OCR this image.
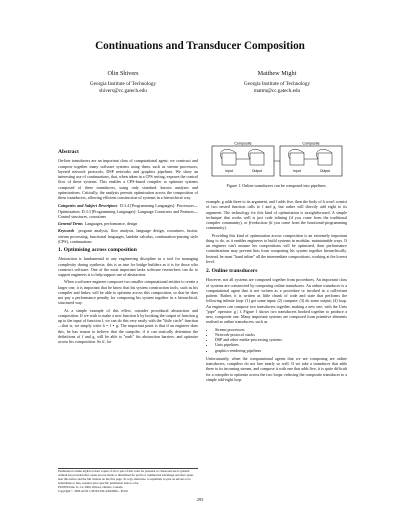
Continuations and Transducer Composition
Olin Shivers
Georgia Institute of Technology
shivers@cc.gatech.edu
Matthew Might
Georgia Institute of Technology
mattm@cc.gatech.edu
Abstract

On-line transducers are an important class of computational agent; we construct and compose together many software systems using them, such as stream processors, layered network protocols, DSP networks and graphics pipelines. We show an interesting use of continuations, that, when taken in a CPS setting, exposes the control flow of these systems. This enables a CPS-based compiler to optimise systems composed of these transducers, using only standard, known analyses and optimisations. Critically, the analysis permits optimisation across the composition of these transducers, allowing efficient construction of systems in a hierarchical way.

Categories and Subject Descriptors D.3.4 [Programming Languages]: Processors—Optimization; D.3.3 [Programming Languages]: Language Constructs and Features—Control structures, coroutines

General Terms Languages, performance, design

Keywords program analysis, flow analysis, language design, coroutines, fusion, stream processing, functional languages, lambda calculus, continuation-passing style (CPS), continuations

1. Optimising across composition

Abstraction is fundamental to any engineering discipline as a tool for managing complexity during synthesis; this is as true for bridge builders as it is for those who construct software. One of the most important tasks software researchers can do to support engineers is to help support use of abstraction.

When a software engineer composes two smaller computational entities to create a larger one, it is important that he know that his system construction tools, such as his compiler and linker, will be able to optimise across this composition, so that he does not pay a performance penalty for composing his system together in a hierarchical, structured way.

As a simple example of this effect, consider procedural abstraction and composition. If we wish to make a new function h by hooking the output of function g up to the input of function f, we can do this very easily with the "little circle" function—that is, we simply write h = f ∘ g. The important point is that if an engineer does this, he has reason to believe that the compiler, if it can statically determine the definitions of f and g, will be able to "melt" his abstraction barriers, and optimise across his composition. So if, for

Composite	Composite
Input	Output	Input	Output
Figure 1. Online transducers can be composed into pipelines.

example, g adds three to its argument, and f adds five, then the body of h won't consist of two nested function calls to f and g, but rather will directly add eight to its argument. The technology for this kind of optimisation is straightforward. A simple technique that works well is just code inlining (if you come from the traditional compiler community), or β-reduction (if you come from the functional-programming community).

Providing this kind of optimisation across composition is an extremely important thing to do, as it enables engineers to build systems in modular, maintainable ways. If an engineer can't assume his compositions will be optimised, then performance considerations may prevent him from composing his system together hierarchically. Instead, he must "hand inline" all the intermediate compositions, working at the lowest level.

2. Online transducers

However, not all systems are composed together from procedures. An important class of systems are constructed by composing online transducers. An online transducer is a computational agent that is not written as a procedure or invoked in a call/return pattern. Rather, it is written as little chunk of code and state that performs the following infinite loop: (1) get some input; (2) compute; (3) do some output; (4) loop. An engineer can compose two transducers together, making a new one, with the Unix "pipe" operator: g | f. Figure 1 shows two transducers hooked together to produce a new, composite one. Many important systems are composed from primitive elements realised as online transducers, such as

• Stream processors
• Network-protocol stacks
• DSP and other media-processing systems
• Unix pipelines
• graphics-rendering pipelines

Unfortunately, when the computational agents that we are composing are online transducers, compilers do not fare nearly so well. If we take a transducer that adds three to its incoming stream, and compose it with one that adds five, it is quite difficult for a compiler to optimise across the two loops, reducing the composite transducer to a simple add-eight loop.

Permission to make digital or hard copies of all or part of this work for personal or classroom use is granted without fee provided that copies are not made or distributed for profit or commercial advantage and that copies bear this notice and the full citation on the first page. To copy otherwise, to republish, to post on servers or to redistribute to lists, requires prior specific permission and/or a fee.
PLDI'06 June 11–14, 2006, Ottawa, Ontario, Canada.
Copyright © 2006 ACM 1-59593-320-4/06/0006... $5.00.
295
